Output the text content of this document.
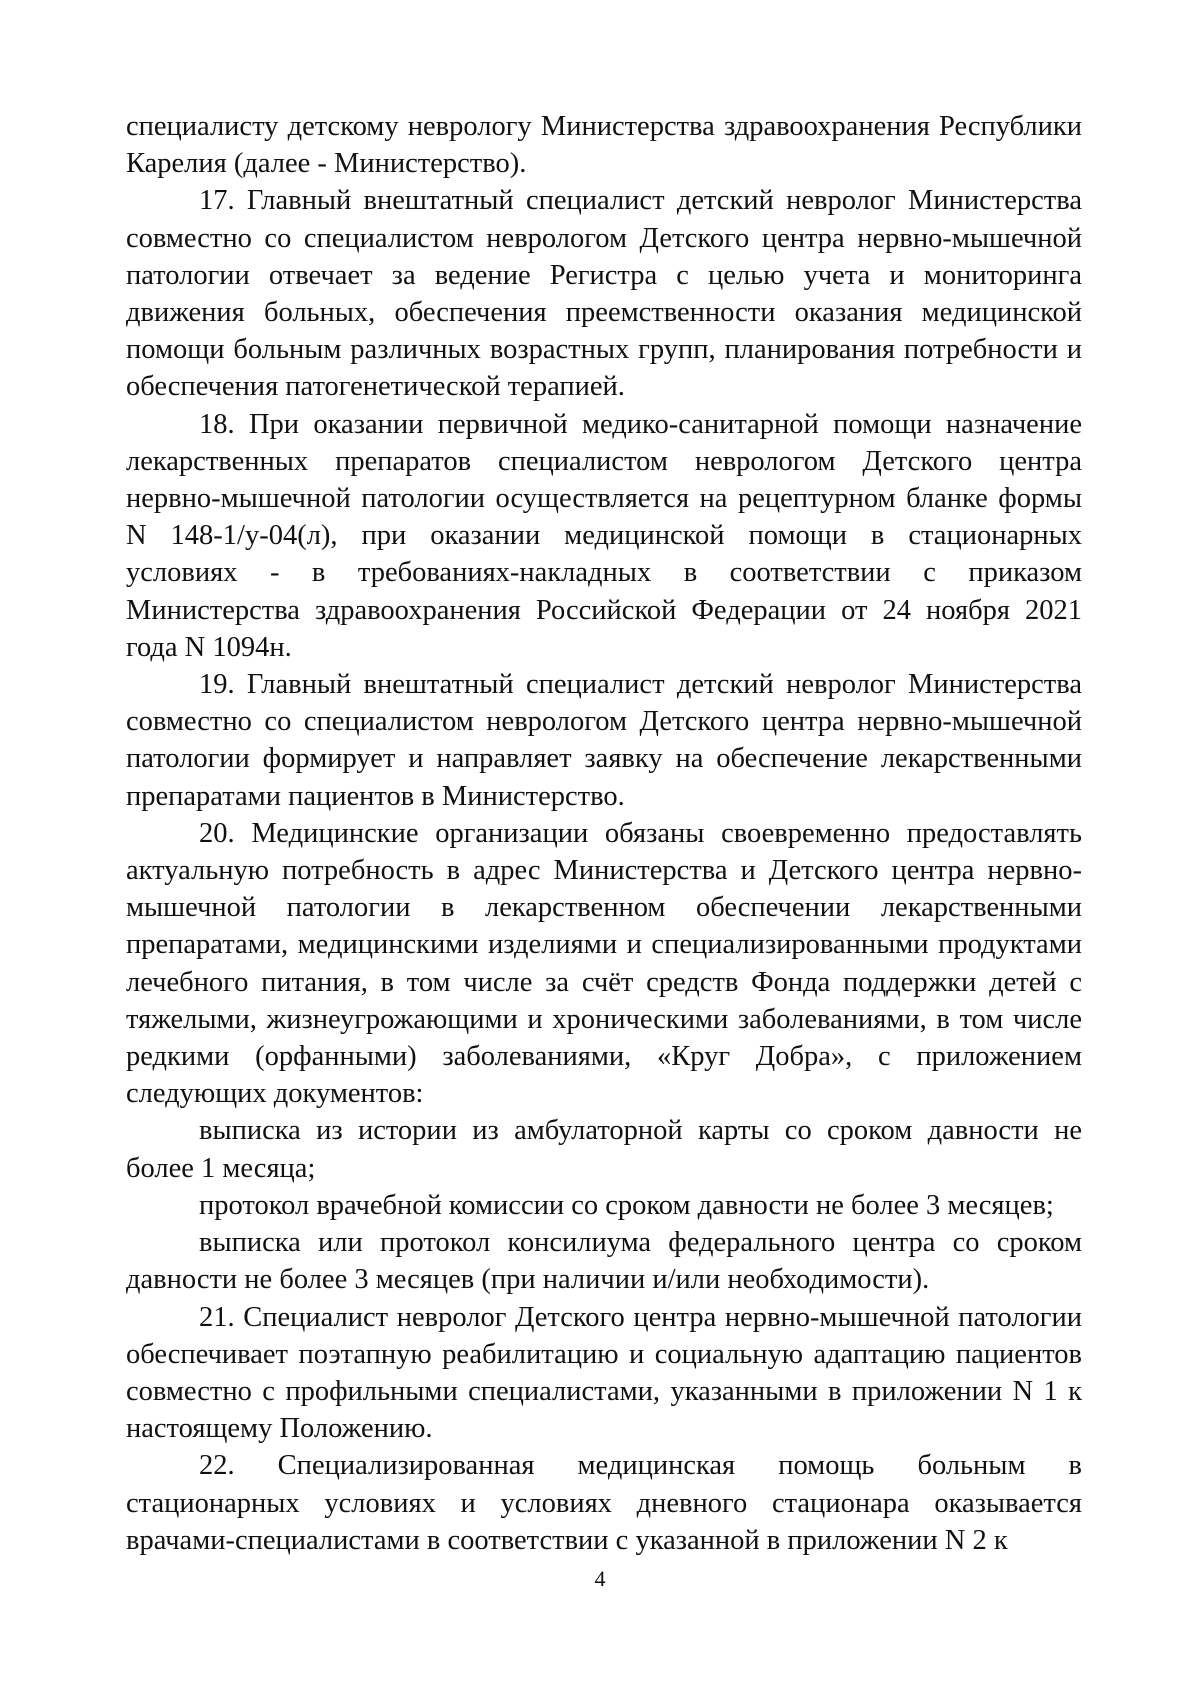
специалисту детскому неврологу Министерства здравоохранения Республики Карелия (далее - Министерство).

17. Главный внештатный специалист детский невролог Министерства совместно со специалистом неврологом Детского центра нервно-мышечной патологии отвечает за ведение Регистра с целью учета и мониторинга движения больных, обеспечения преемственности оказания медицинской помощи больным различных возрастных групп, планирования потребности и обеспечения патогенетической терапией.

18. При оказании первичной медико-санитарной помощи назначение лекарственных препаратов специалистом неврологом Детского центра нервно-мышечной патологии осуществляется на рецептурном бланке формы N 148-1/у-04(л), при оказании медицинской помощи в стационарных условиях - в требованиях-накладных в соответствии с приказом Министерства здравоохранения Российской Федерации от 24 ноября 2021 года N 1094н.

19. Главный внештатный специалист детский невролог Министерства совместно со специалистом неврологом Детского центра нервно-мышечной патологии формирует и направляет заявку на обеспечение лекарственными препаратами пациентов в Министерство.

20. Медицинские организации обязаны своевременно предоставлять актуальную потребность в адрес Министерства и Детского центра нервно-мышечной патологии в лекарственном обеспечении лекарственными препаратами, медицинскими изделиями и специализированными продуктами лечебного питания, в том числе за счёт средств Фонда поддержки детей с тяжелыми, жизнеугрожающими и хроническими заболеваниями, в том числе редкими (орфанными) заболеваниями, «Круг Добра», с приложением следующих документов:

выписка из истории из амбулаторной карты со сроком давности не более 1 месяца;

протокол врачебной комиссии со сроком давности не более 3 месяцев;

выписка или протокол консилиума федерального центра со сроком давности не более 3 месяцев (при наличии и/или необходимости).

21. Специалист невролог Детского центра нервно-мышечной патологии обеспечивает поэтапную реабилитацию и социальную адаптацию пациентов совместно с профильными специалистами, указанными в приложении N 1 к настоящему Положению.

22. Специализированная медицинская помощь больным в стационарных условиях и условиях дневного стационара оказывается врачами-специалистами в соответствии с указанной в приложении N 2 к

4
